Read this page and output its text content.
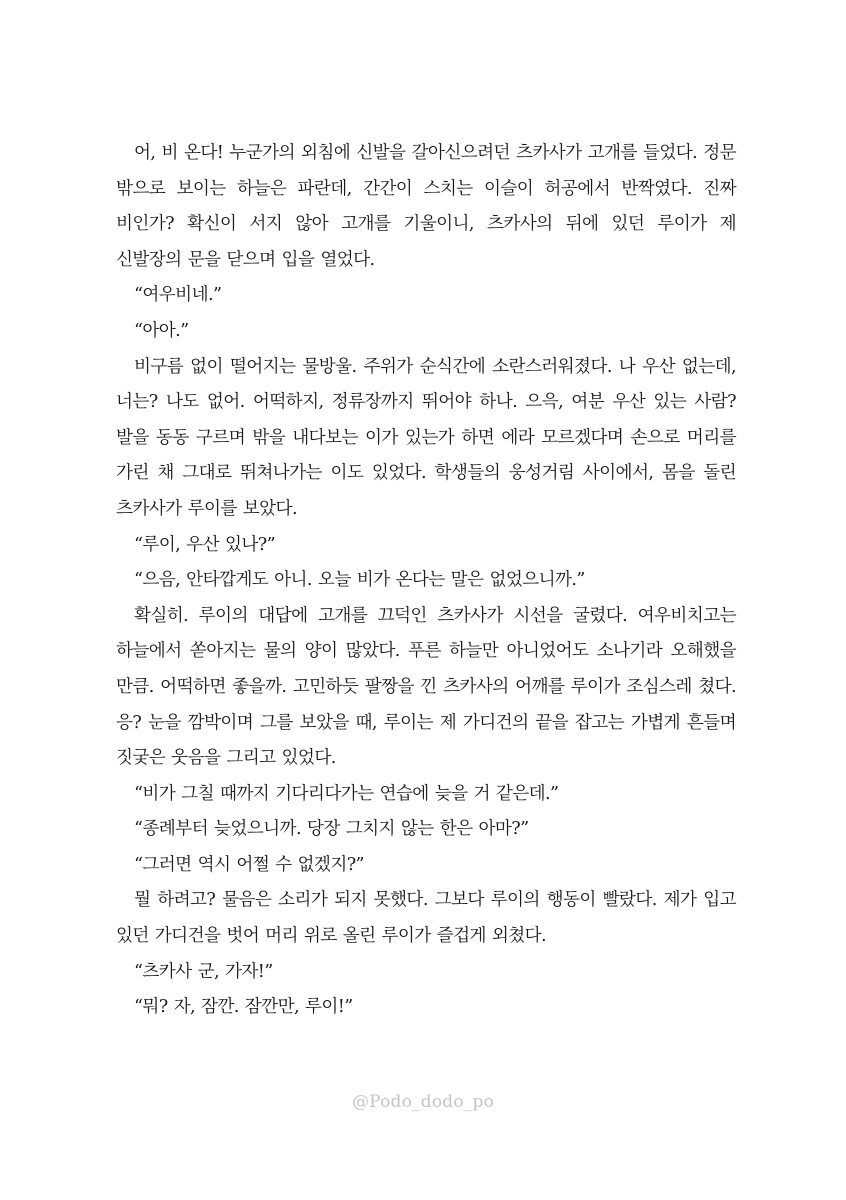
어, 비 온다! 누군가의 외침에 신발을 갈아신으려던 츠카사가 고개를 들었다. 정문 밖으로 보이는 하늘은 파란데, 간간이 스치는 이슬이 허공에서 반짝였다. 진짜 비인가? 확신이 서지 않아 고개를 기울이니, 츠카사의 뒤에 있던 루이가 제 신발장의 문을 닫으며 입을 열었다.

“여우비네.”

“아아.”

비구름 없이 떨어지는 물방울. 주위가 순식간에 소란스러워졌다. 나 우산 없는데, 너는? 나도 없어. 어떡하지, 정류장까지 뛰어야 하나. 으윽, 여분 우산 있는 사람? 발을 동동 구르며 밖을 내다보는 이가 있는가 하면 에라 모르겠다며 손으로 머리를 가린 채 그대로 뛰쳐나가는 이도 있었다. 학생들의 웅성거림 사이에서, 몸을 돌린 츠카사가 루이를 보았다.

“루이, 우산 있나?”

“으음, 안타깝게도 아니. 오늘 비가 온다는 말은 없었으니까.”

확실히. 루이의 대답에 고개를 끄덕인 츠카사가 시선을 굴렸다. 여우비치고는 하늘에서 쏟아지는 물의 양이 많았다. 푸른 하늘만 아니었어도 소나기라 오해했을 만큼. 어떡하면 좋을까. 고민하듯 팔짱을 낀 츠카사의 어깨를 루이가 조심스레 쳤다. 응? 눈을 깜박이며 그를 보았을 때, 루이는 제 가디건의 끝을 잡고는 가볍게 흔들며 짓궂은 웃음을 그리고 있었다.

“비가 그칠 때까지 기다리다가는 연습에 늦을 거 같은데.”

“종례부터 늦었으니까. 당장 그치지 않는 한은 아마?”

“그러면 역시 어쩔 수 없겠지?”

뭘 하려고? 물음은 소리가 되지 못했다. 그보다 루이의 행동이 빨랐다. 제가 입고 있던 가디건을 벗어 머리 위로 올린 루이가 즐겁게 외쳤다.

“츠카사 군, 가자!”

“뭐? 자, 잠깐. 잠깐만, 루이!”

@Podo_dodo_po
